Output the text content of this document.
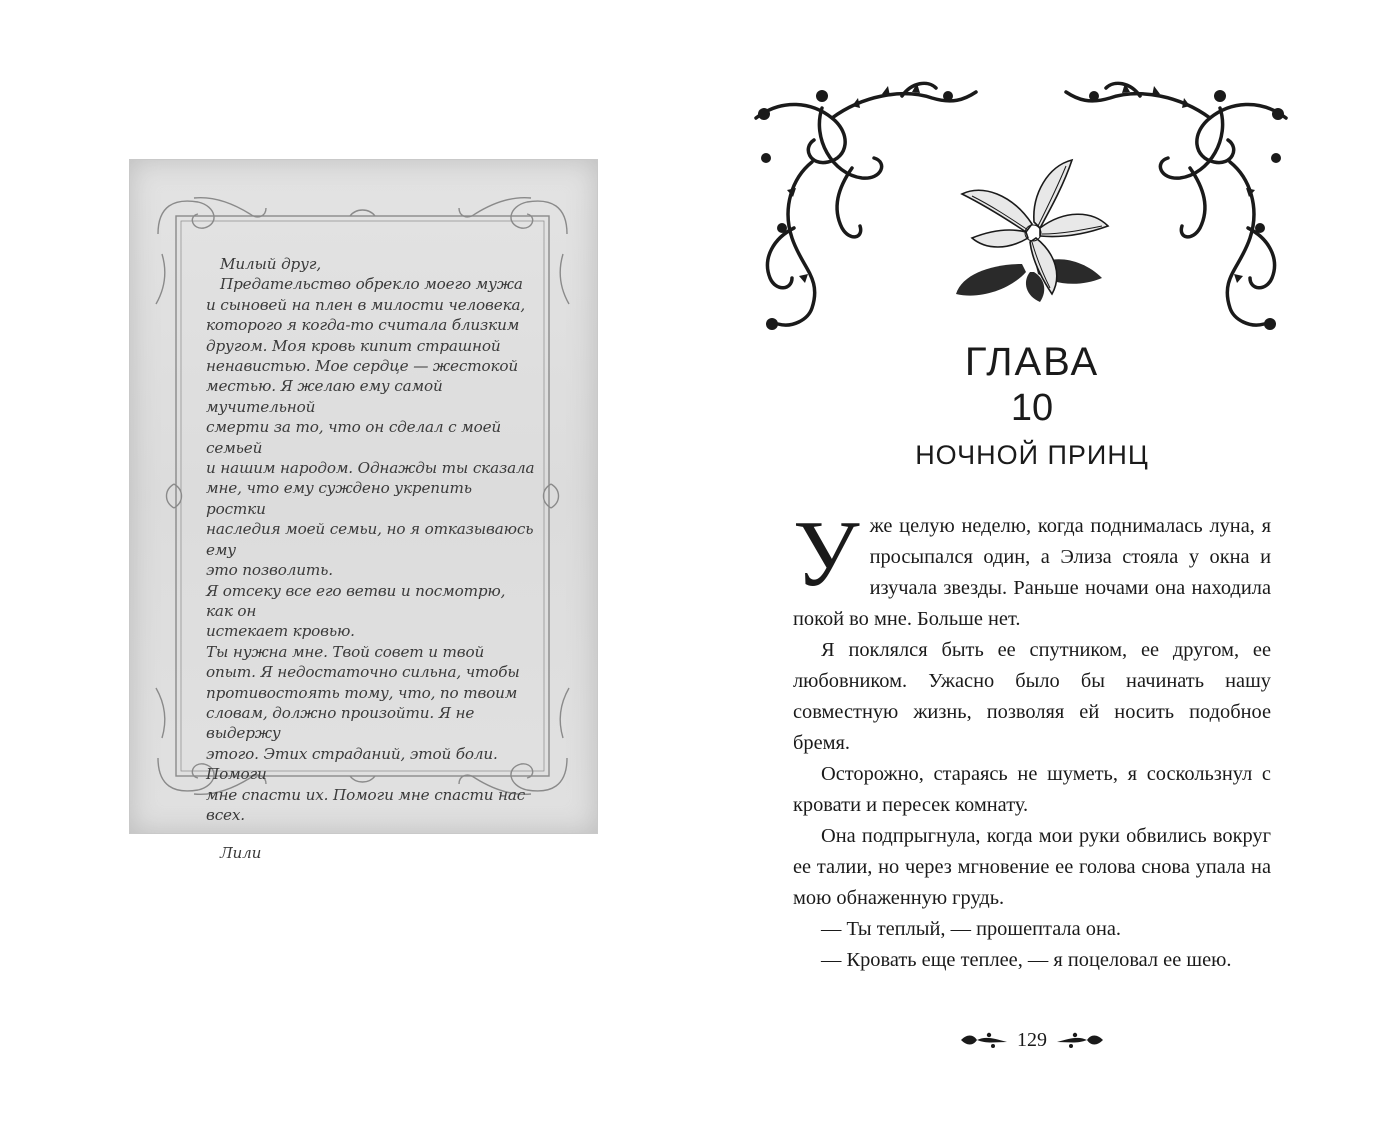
Милый друг,

Предательство обрекло моего мужа

и сыновей на плен в милости человека,

которого я когда-то считала близким

другом. Моя кровь кипит страшной

ненавистью. Мое сердце — жестокой

местью. Я желаю ему самой мучительной

смерти за то, что он сделал с моей семьей

и нашим народом. Однажды ты сказала

мне, что ему суждено укрепить ростки

наследия моей семьи, но я отказываюсь ему

это позволить.

Я отсеку все его ветви и посмотрю, как он

истекает кровью.

Ты нужна мне. Твой совет и твой

опыт. Я недостаточно сильна, чтобы

противостоять тому, что, по твоим

словам, должно произойти. Я не выдержу

этого. Этих страданий, этой боли. Помоги

мне спасти их. Помоги мне спасти нас

всех.

Лили

ГЛАВА
10
НОЧНОЙ ПРИНЦ

Уже целую неделю, когда поднималась луна, я просыпался один, а Элиза стояла у окна и изучала звезды. Раньше ночами она находила покой во мне. Больше нет.

Я поклялся быть ее спутником, ее другом, ее любовником. Ужасно было бы начинать нашу совместную жизнь, позволяя ей носить подобное бремя.

Осторожно, стараясь не шуметь, я соскользнул с кровати и пересек комнату.

Она подпрыгнула, когда мои руки обвились вокруг ее талии, но через мгновение ее голова снова упала на мою обнаженную грудь.

— Ты теплый, — прошептала она.

— Кровать еще теплее, — я поцеловал ее шею.

129
